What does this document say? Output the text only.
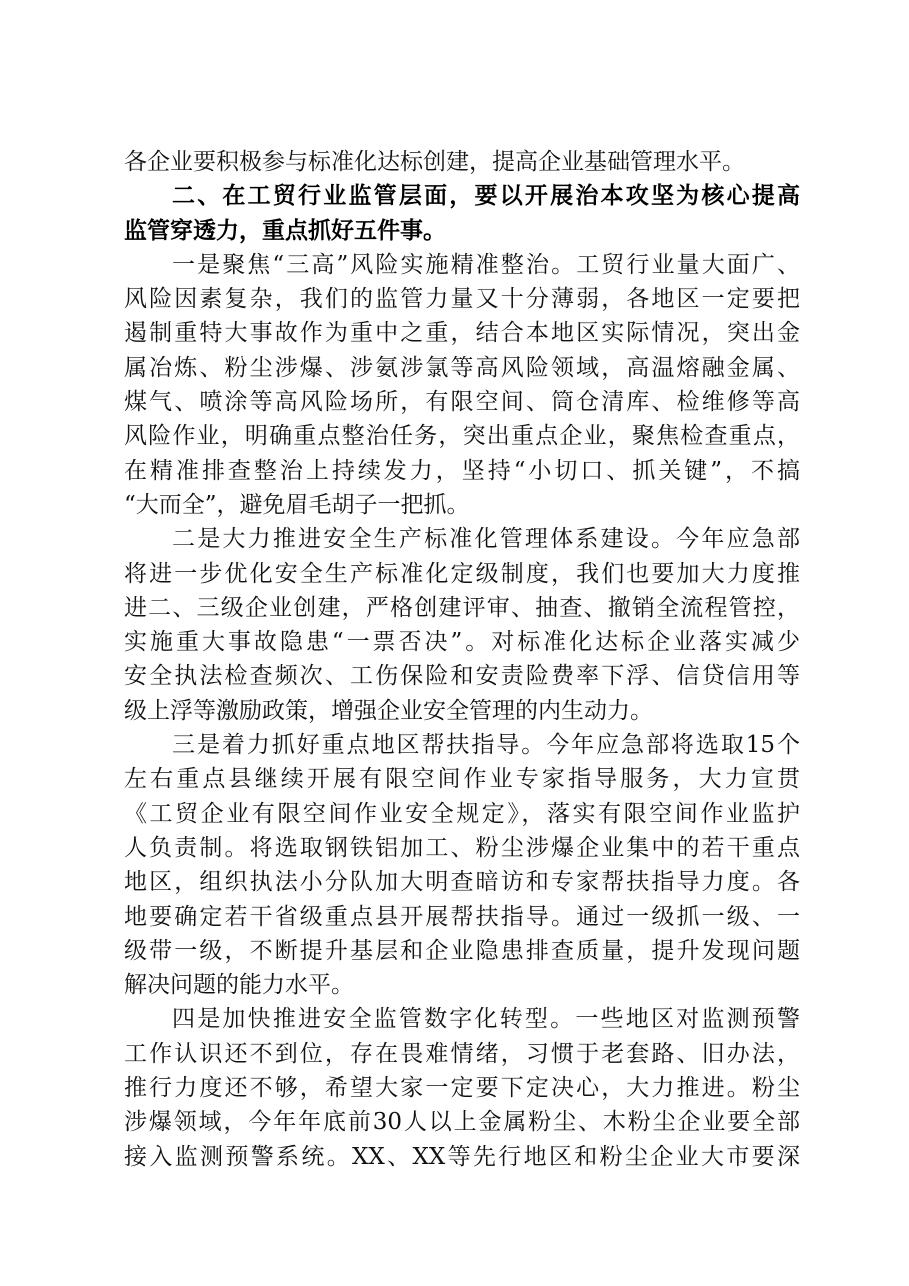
各企业要积极参与标准化达标创建，提高企业基础管理水平。
二、在工贸行业监管层面，要以开展治本攻坚为核心提高
监管穿透力，重点抓好五件事。
一是聚焦“三高”风险实施精准整治。工贸行业量大面广、
风险因素复杂，我们的监管力量又十分薄弱，各地区一定要把
遏制重特大事故作为重中之重，结合本地区实际情况，突出金
属冶炼、粉尘涉爆、涉氨涉氯等高风险领域，高温熔融金属、
煤气、喷涂等高风险场所，有限空间、筒仓清库、检维修等高
风险作业，明确重点整治任务，突出重点企业，聚焦检查重点，
在精准排查整治上持续发力，坚持“小切口、抓关键”，不搞
“大而全”，避免眉毛胡子一把抓。
二是大力推进安全生产标准化管理体系建设。今年应急部
将进一步优化安全生产标准化定级制度，我们也要加大力度推
进二、三级企业创建，严格创建评审、抽查、撤销全流程管控，
实施重大事故隐患“一票否决”。对标准化达标企业落实减少
安全执法检查频次、工伤保险和安责险费率下浮、信贷信用等
级上浮等激励政策，增强企业安全管理的内生动力。
三是着力抓好重点地区帮扶指导。今年应急部将选取15个
左右重点县继续开展有限空间作业专家指导服务，大力宣贯
《工贸企业有限空间作业安全规定》，落实有限空间作业监护
人负责制。将选取钢铁铝加工、粉尘涉爆企业集中的若干重点
地区，组织执法小分队加大明查暗访和专家帮扶指导力度。各
地要确定若干省级重点县开展帮扶指导。通过一级抓一级、一
级带一级，不断提升基层和企业隐患排查质量，提升发现问题
解决问题的能力水平。
四是加快推进安全监管数字化转型。一些地区对监测预警
工作认识还不到位，存在畏难情绪，习惯于老套路、旧办法，
推行力度还不够，希望大家一定要下定决心，大力推进。粉尘
涉爆领域，今年年底前30人以上金属粉尘、木粉尘企业要全部
接入监测预警系统。XX、XX等先行地区和粉尘企业大市要深
